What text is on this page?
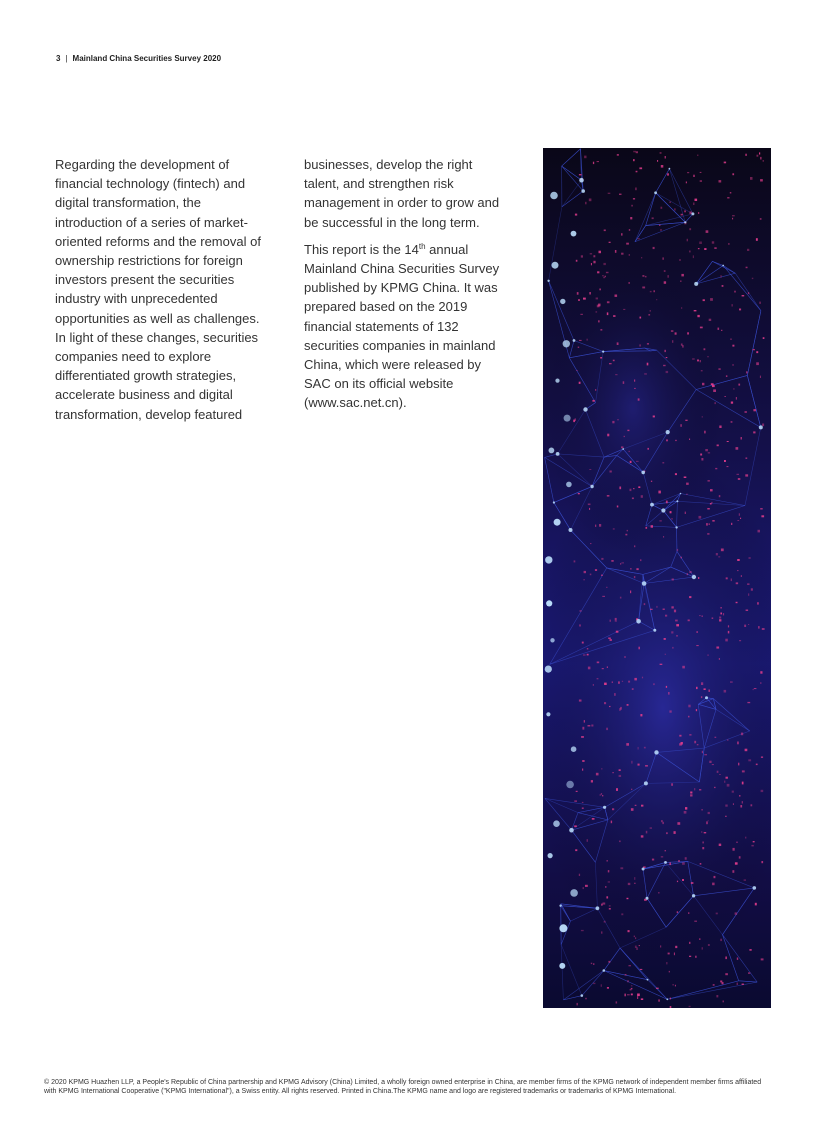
3 | Mainland China Securities Survey 2020

Regarding the development of financial technology (fintech) and digital transformation, the introduction of a series of market-oriented reforms and the removal of ownership restrictions for foreign investors present the securities industry with unprecedented opportunities as well as challenges. In light of these changes, securities companies need to explore differentiated growth strategies, accelerate business and digital transformation, develop featured

businesses, develop the right talent, and strengthen risk management in order to grow and be successful in the long term.

This report is the 14th annual Mainland China Securities Survey published by KPMG China. It was prepared based on the 2019 financial statements of 132 securities companies in mainland China, which were released by SAC on its official website (www.sac.net.cn).

© 2020 KPMG Huazhen LLP, a People's Republic of China partnership and KPMG Advisory (China) Limited, a wholly foreign owned enterprise in China, are member firms of the KPMG network of independent member firms affiliated with KPMG International Cooperative ("KPMG International"), a Swiss entity. All rights reserved. Printed in China.The KPMG name and logo are registered trademarks or trademarks of KPMG International.
